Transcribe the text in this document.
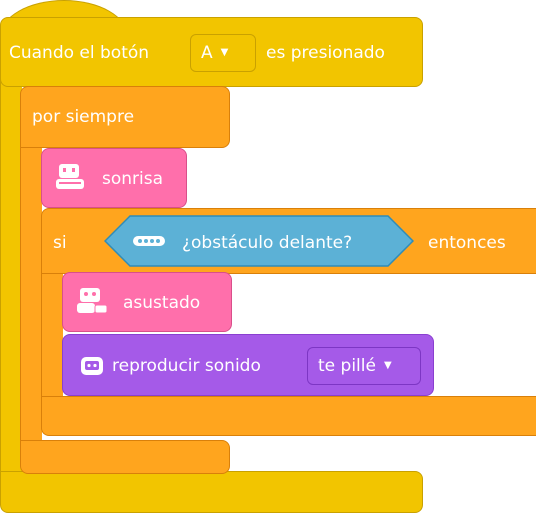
Cuando el botón	A ▼ es presionado
por siempre
sonrisa
si	¿obstáculo delante?	entonces
asustado
reproducir sonido	te pillé ▼
